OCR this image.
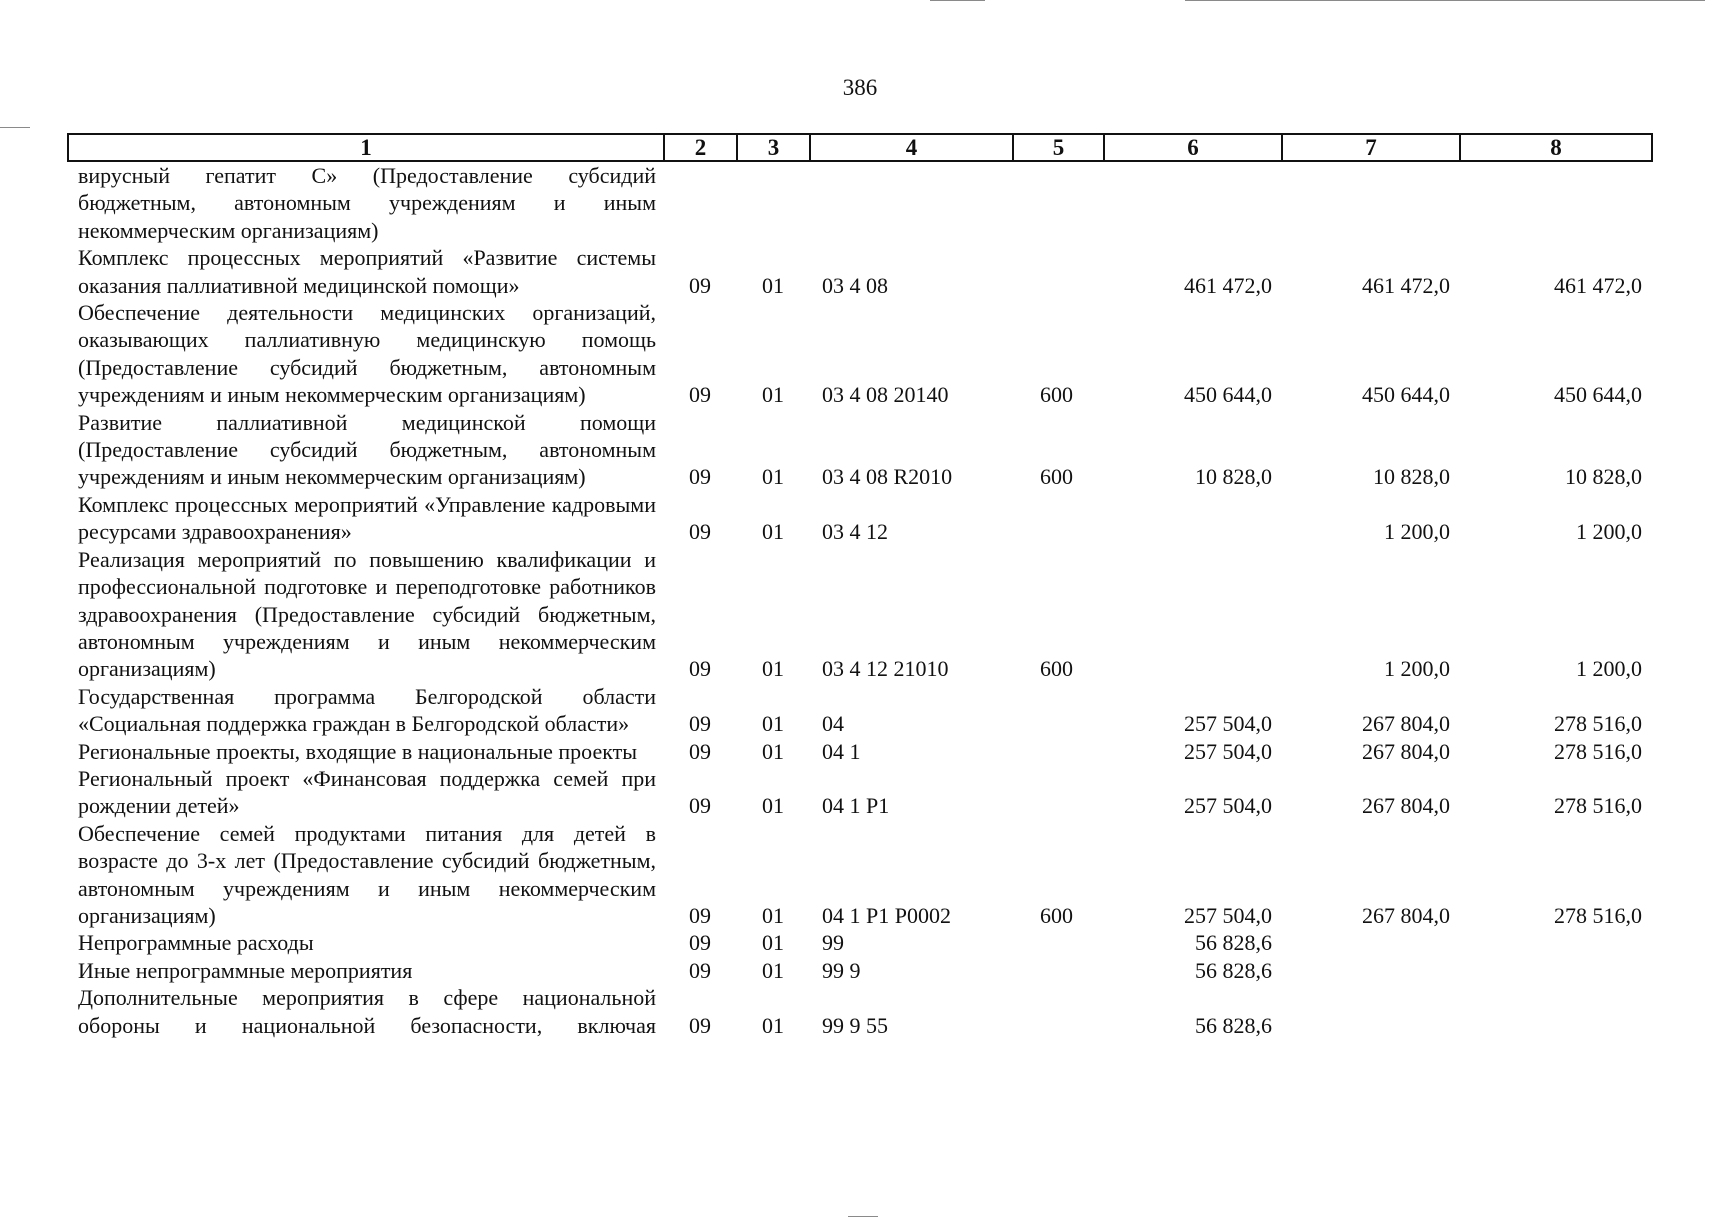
386
1	2	3	4	5	6	7	8
вирусный гепатит С» (Предоставление субсидий бюджетным, автономным учреждениям и иным некоммерческим организациям)							
Комплекс процессных мероприятий «Развитие системы оказания паллиативной медицинской помощи»	09	01	03 4 08		461 472,0	461 472,0	461 472,0
Обеспечение деятельности медицинских организаций, оказывающих паллиативную медицинскую помощь (Предоставление субсидий бюджетным, автономным учреждениям и иным некоммерческим организациям)	09	01	03 4 08 20140	600	450 644,0	450 644,0	450 644,0
Развитие паллиативной медицинской помощи (Предоставление субсидий бюджетным, автономным учреждениям и иным некоммерческим организациям)	09	01	03 4 08 R2010	600	10 828,0	10 828,0	10 828,0
Комплекс процессных мероприятий «Управление кадровыми ресурсами здравоохранения»	09	01	03 4 12			1 200,0	1 200,0
Реализация мероприятий по повышению квалификации и профессиональной подготовке и переподготовке работников здравоохранения (Предоставление субсидий бюджетным, автономным учреждениям и иным некоммерческим организациям)	09	01	03 4 12 21010	600		1 200,0	1 200,0
Государственная программа Белгородской области «Социальная поддержка граждан в Белгородской области»	09	01	04		257 504,0	267 804,0	278 516,0
Региональные проекты, входящие в национальные проекты	09	01	04 1		257 504,0	267 804,0	278 516,0
Региональный проект «Финансовая поддержка семей при рождении детей»	09	01	04 1 Р1		257 504,0	267 804,0	278 516,0
Обеспечение семей продуктами питания для детей в возрасте до 3-х лет (Предоставление субсидий бюджетным, автономным учреждениям и иным некоммерческим организациям)	09	01	04 1 Р1 Р0002	600	257 504,0	267 804,0	278 516,0
Непрограммные расходы	09	01	99		56 828,6		
Иные непрограммные мероприятия	09	01	99 9		56 828,6		
Дополнительные мероприятия в сфере национальной обороны и национальной безопасности, включая	09	01	99 9 55		56 828,6		
